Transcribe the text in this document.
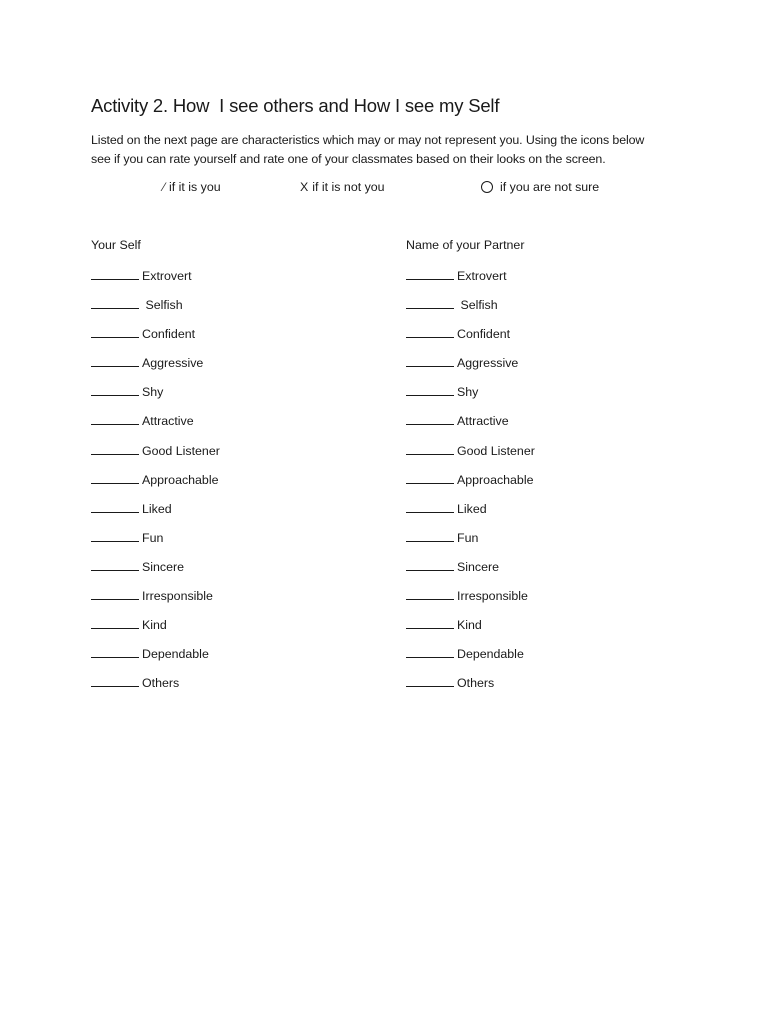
Activity 2. How  I see others and How I see my Self
Listed on the next page are characteristics which may or may not represent you. Using the icons below
see if you can rate yourself and rate one of your classmates based on their looks on the screen.
⁄ if it is you	X if it is not you	if you are not sure
Your Self
Extrovert
Selfish
Confident
Aggressive
Shy
Attractive
Good Listener
Approachable
Liked
Fun
Sincere
Irresponsible
Kind
Dependable
Others
Name of your Partner
Extrovert
Selfish
Confident
Aggressive
Shy
Attractive
Good Listener
Approachable
Liked
Fun
Sincere
Irresponsible
Kind
Dependable
Others
